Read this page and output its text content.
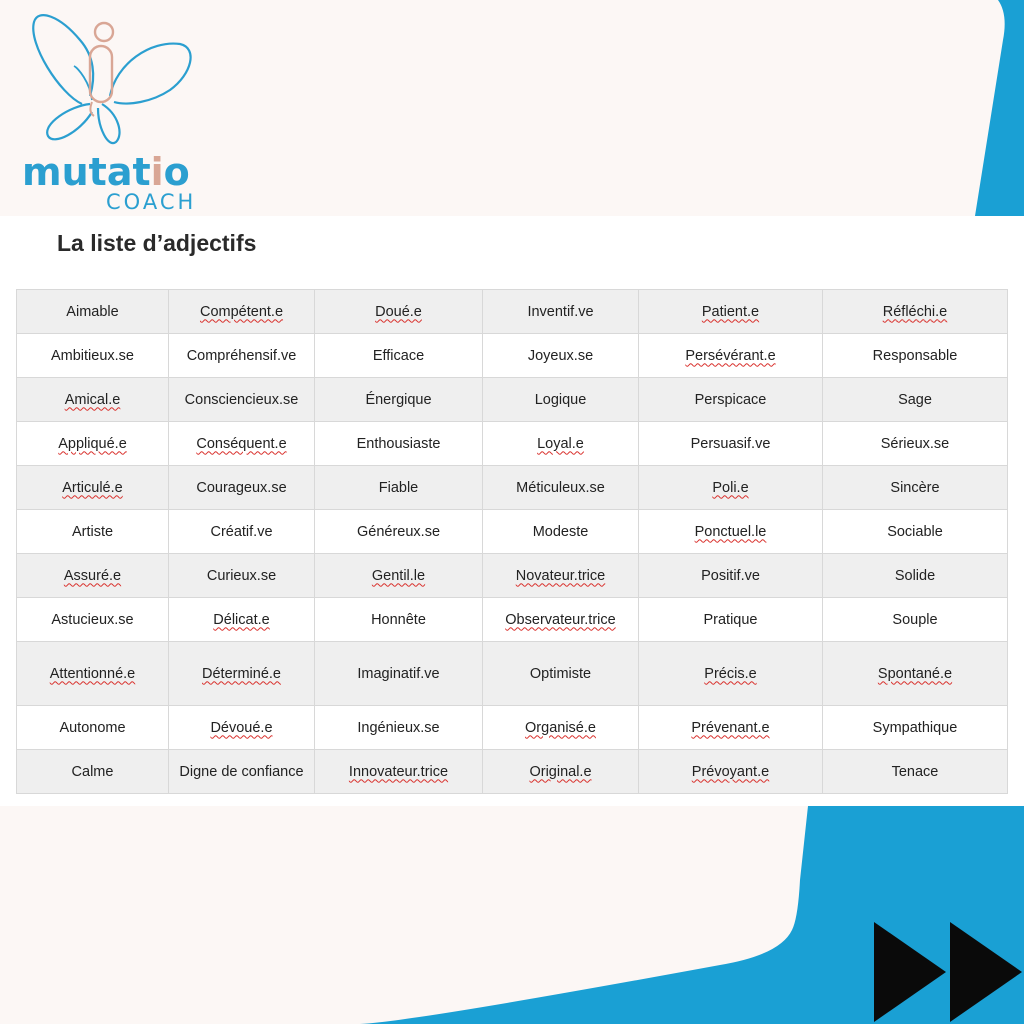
mutatio
COACH
La liste d’adjectifs
Aimable	Compétent.e	Doué.e	Inventif.ve	Patient.e	Réfléchi.e
Ambitieux.se	Compréhensif.ve	Efficace	Joyeux.se	Persévérant.e	Responsable
Amical.e	Consciencieux.se	Énergique	Logique	Perspicace	Sage
Appliqué.e	Conséquent.e	Enthousiaste	Loyal.e	Persuasif.ve	Sérieux.se
Articulé.e	Courageux.se	Fiable	Méticuleux.se	Poli.e	Sincère
Artiste	Créatif.ve	Généreux.se	Modeste	Ponctuel.le	Sociable
Assuré.e	Curieux.se	Gentil.le	Novateur.trice	Positif.ve	Solide
Astucieux.se	Délicat.e	Honnête	Observateur.trice	Pratique	Souple
Attentionné.e	Déterminé.e	Imaginatif.ve	Optimiste	Précis.e	Spontané.e
Autonome	Dévoué.e	Ingénieux.se	Organisé.e	Prévenant.e	Sympathique
Calme	Digne de confiance	Innovateur.trice	Original.e	Prévoyant.e	Tenace
